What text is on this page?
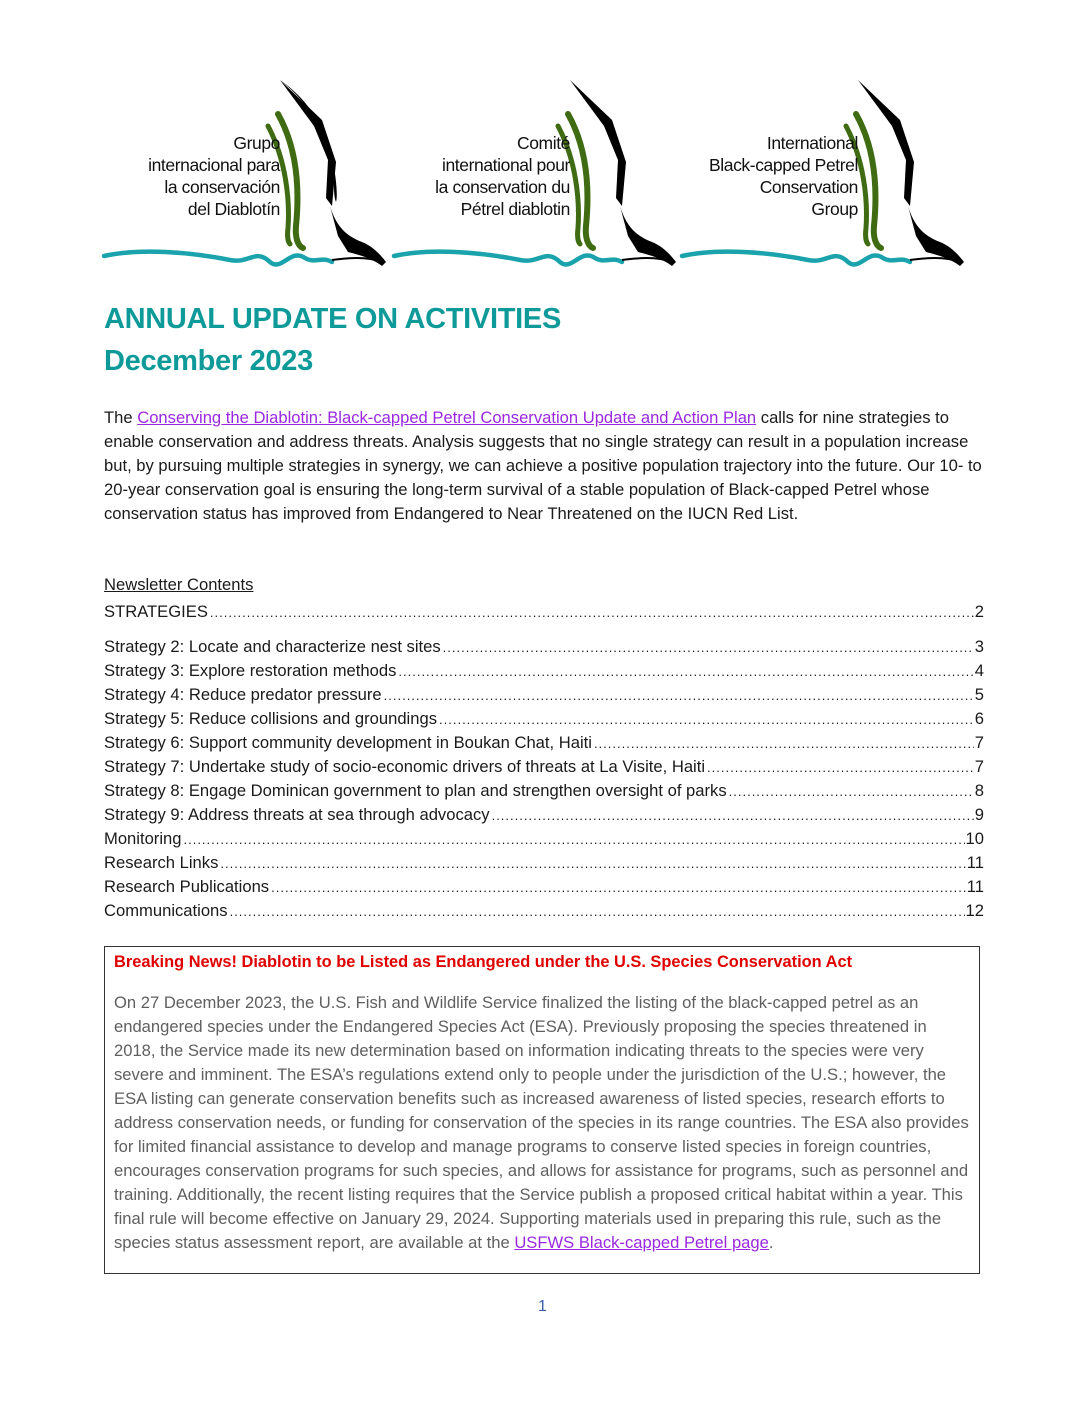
Grupo
internacional para
la conservación
del Diablotín
Comité
international pour
la conservation du
Pétrel diablotin
International
Black-capped Petrel
Conservation
Group
ANNUAL UPDATE ON ACTIVITIES
December 2023

The Conserving the Diablotin: Black-capped Petrel Conservation Update and Action Plan calls for nine strategies to enable conservation and address threats. Analysis suggests that no single strategy can result in a population increase but, by pursuing multiple strategies in synergy, we can achieve a positive population trajectory into the future. Our 10- to 20-year conservation goal is ensuring the long-term survival of a stable population of Black-capped Petrel whose conservation status has improved from Endangered to Near Threatened on the IUCN Red List.

Newsletter Contents
STRATEGIES .....	2
Strategy 2: Locate and characterize nest sites .....	3
Strategy 3: Explore restoration methods .....	4
Strategy 4: Reduce predator pressure .....	5
Strategy 5: Reduce collisions and groundings .....	6
Strategy 6: Support community development in Boukan Chat, Haiti .....	7
Strategy 7: Undertake study of socio-economic drivers of threats at La Visite, Haiti .....	7
Strategy 8: Engage Dominican government to plan and strengthen oversight of parks .....	8
Strategy 9: Address threats at sea through advocacy .....	9
Monitoring .....	10
Research Links .....	11
Research Publications .....	11
Communications .....	12
Breaking News! Diablotin to be Listed as Endangered under the U.S. Species Conservation Act

On 27 December 2023, the U.S. Fish and Wildlife Service finalized the listing of the black-capped petrel as an endangered species under the Endangered Species Act (ESA). Previously proposing the species threatened in 2018, the Service made its new determination based on information indicating threats to the species were very severe and imminent. The ESA’s regulations extend only to people under the jurisdiction of the U.S.; however, the ESA listing can generate conservation benefits such as increased awareness of listed species, research efforts to address conservation needs, or funding for conservation of the species in its range countries. The ESA also provides for limited financial assistance to develop and manage programs to conserve listed species in foreign countries, encourages conservation programs for such species, and allows for assistance for programs, such as personnel and training. Additionally, the recent listing requires that the Service publish a proposed critical habitat within a year. This final rule will become effective on January 29, 2024. Supporting materials used in preparing this rule, such as the species status assessment report, are available at the USFWS Black-capped Petrel page.

1
